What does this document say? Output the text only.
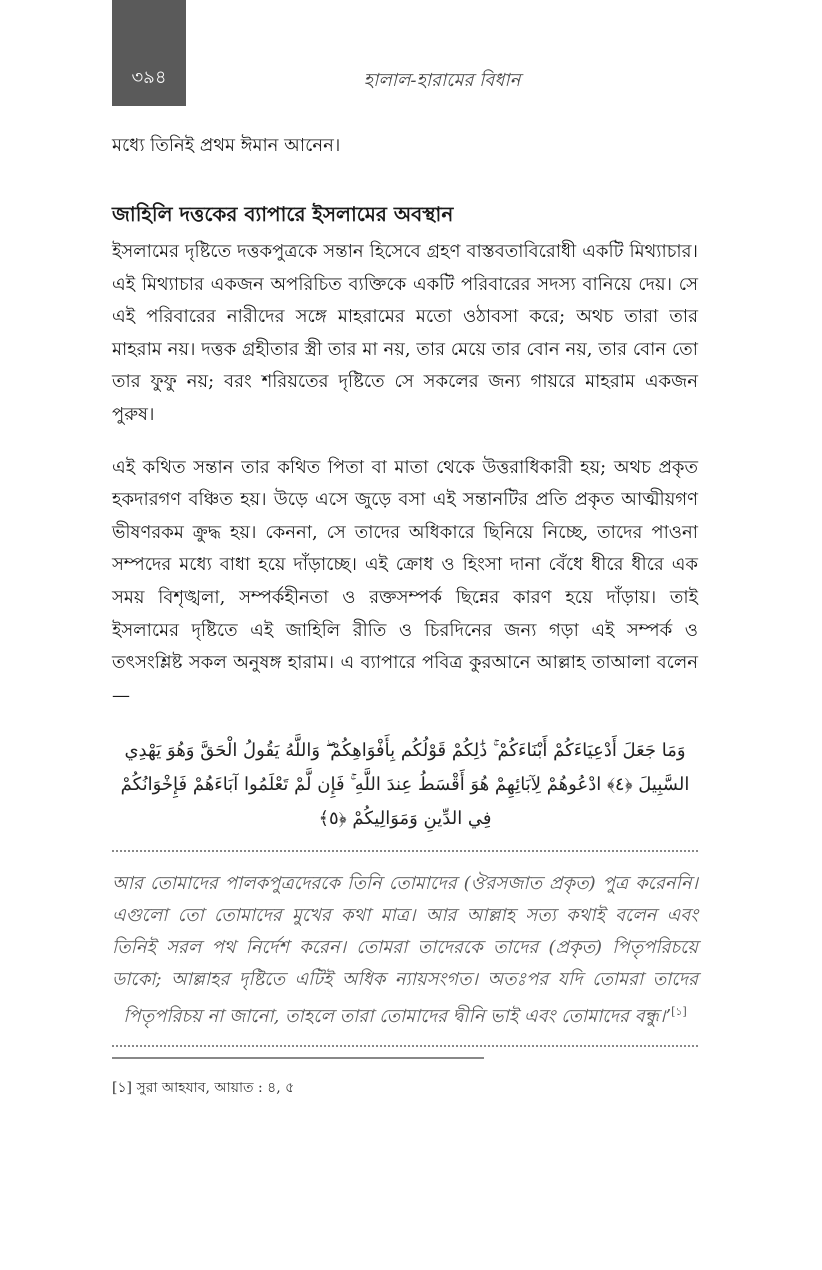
৩৯৪	হালাল-হারামের বিধান

মধ্যে তিনিই প্রথম ঈমান আনেন।

জাহিলি দত্তকের ব্যাপারে ইসলামের অবস্থান

ইসলামের দৃষ্টিতে দত্তকপুত্রকে সন্তান হিসেবে গ্রহণ বাস্তবতাবিরোধী একটি মিথ্যাচার। এই মিথ্যাচার একজন অপরিচিত ব্যক্তিকে একটি পরিবারের সদস্য বানিয়ে দেয়। সে এই পরিবারের নারীদের সঙ্গে মাহরামের মতো ওঠাবসা করে; অথচ তারা তার মাহরাম নয়। দত্তক গ্রহীতার স্ত্রী তার মা নয়, তার মেয়ে তার বোন নয়, তার বোন তো তার ফুফু নয়; বরং শরিয়তের দৃষ্টিতে সে সকলের জন্য গায়রে মাহরাম একজন পুরুষ।

এই কথিত সন্তান তার কথিত পিতা বা মাতা থেকে উত্তরাধিকারী হয়; অথচ প্রকৃত হকদারগণ বঞ্চিত হয়। উড়ে এসে জুড়ে বসা এই সন্তানটির প্রতি প্রকৃত আত্মীয়গণ ভীষণরকম ক্রুদ্ধ হয়। কেননা, সে তাদের অধিকারে ছিনিয়ে নিচ্ছে, তাদের পাওনা সম্পদের মধ্যে বাধা হয়ে দাঁড়াচ্ছে। এই ক্রোধ ও হিংসা দানা বেঁধে ধীরে ধীরে এক সময় বিশৃঙ্খলা, সম্পর্কহীনতা ও রক্তসম্পর্ক ছিন্নের কারণ হয়ে দাঁড়ায়। তাই ইসলামের দৃষ্টিতে এই জাহিলি রীতি ও চিরদিনের জন্য গড়া এই সম্পর্ক ও তৎসংশ্লিষ্ট সকল অনুষঙ্গ হারাম। এ ব্যাপারে পবিত্র কুরআনে আল্লাহ তাআলা বলেন—

وَمَا جَعَلَ أَدْعِيَاءَكُمْ أَبْنَاءَكُمْ ۚ ذَٰلِكُمْ قَوْلُكُم بِأَفْوَاهِكُمْ ۖ وَاللَّهُ يَقُولُ الْحَقَّ وَهُوَ يَهْدِي السَّبِيلَ ﴿٤﴾ ادْعُوهُمْ لِآبَائِهِمْ هُوَ أَقْسَطُ عِندَ اللَّهِ ۚ فَإِن لَّمْ تَعْلَمُوا آبَاءَهُمْ فَإِخْوَانُكُمْ فِي الدِّينِ وَمَوَالِيكُمْ ﴿٥﴾

আর তোমাদের পালকপুত্রদেরকে তিনি তোমাদের (ঔরসজাত প্রকৃত) পুত্র করেননি। এগুলো তো তোমাদের মুখের কথা মাত্র। আর আল্লাহ সত্য কথাই বলেন এবং তিনিই সরল পথ নির্দেশ করেন। তোমরা তাদেরকে তাদের (প্রকৃত) পিতৃপরিচয়ে ডাকো; আল্লাহর দৃষ্টিতে এটিই অধিক ন্যায়সংগত। অতঃপর যদি তোমরা তাদের পিতৃপরিচয় না জানো, তাহলে তারা তোমাদের দ্বীনি ভাই এবং তোমাদের বন্ধু।’[১]

[১] সুরা আহযাব, আয়াত : ৪, ৫
